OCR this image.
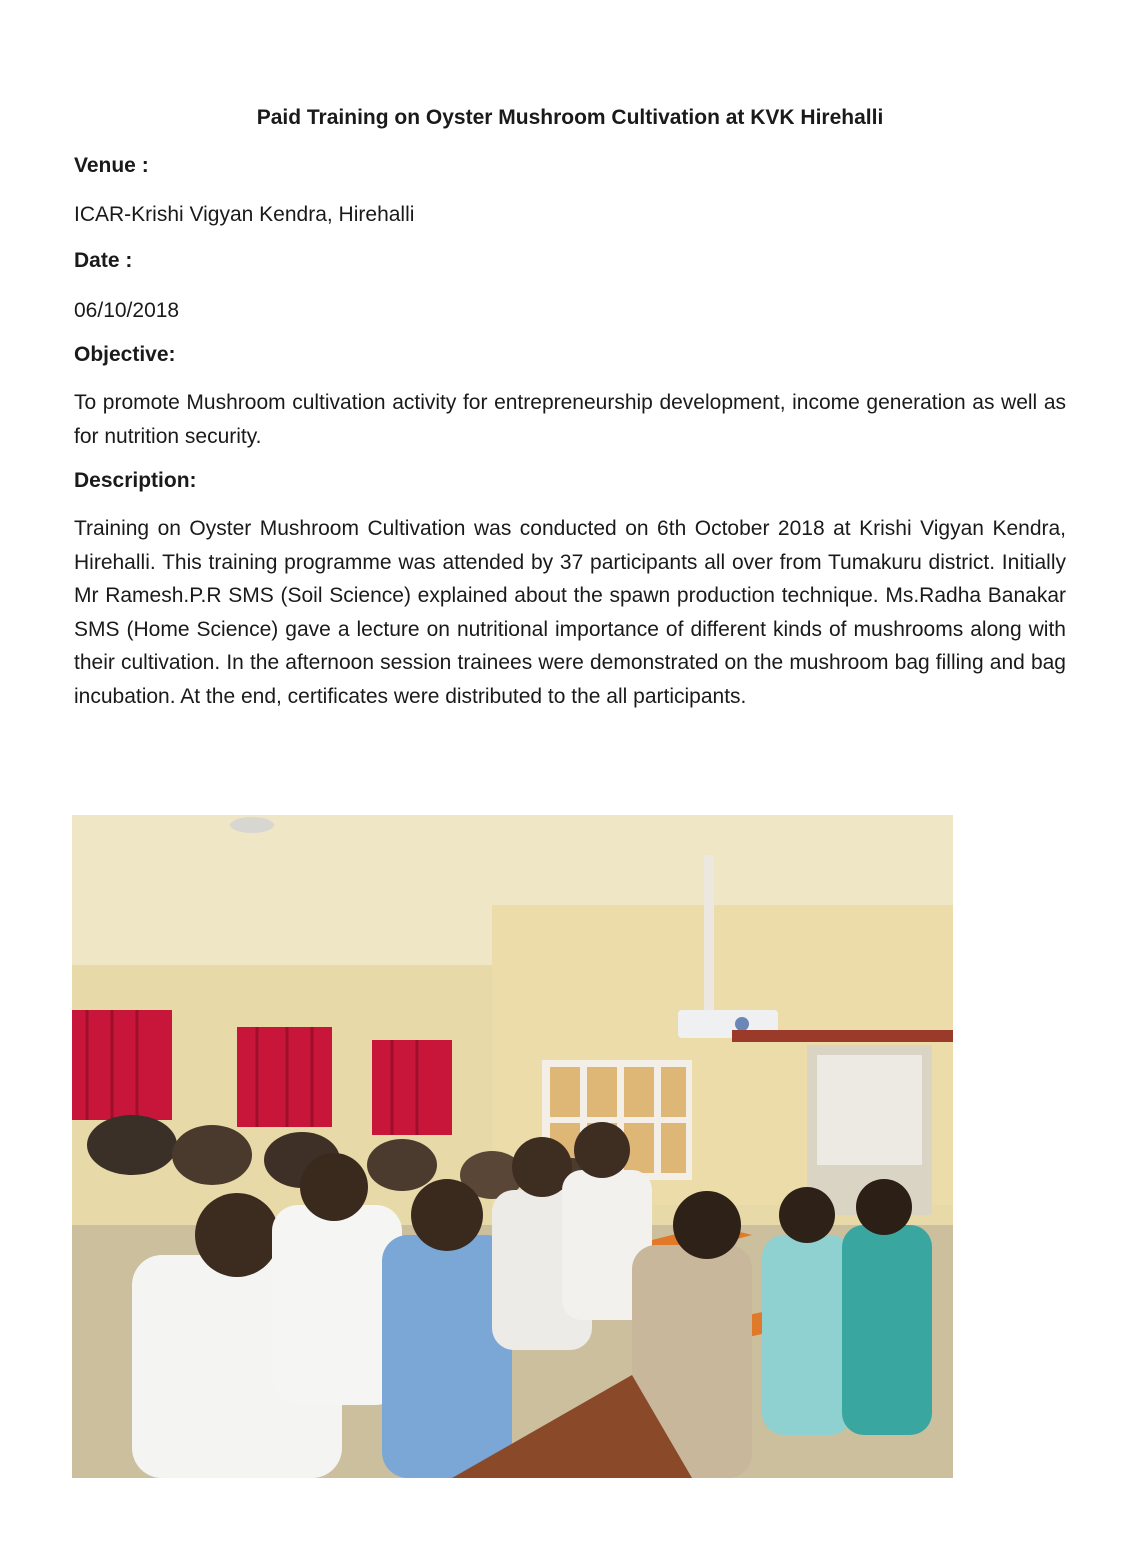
Paid Training on Oyster Mushroom Cultivation at KVK Hirehalli
Venue :
ICAR-Krishi Vigyan Kendra, Hirehalli
Date :
06/10/2018
Objective:
To promote Mushroom cultivation activity for entrepreneurship development, income generation as well as for nutrition security.
Description:
Training on Oyster Mushroom Cultivation was conducted on 6th October 2018 at Krishi Vigyan Kendra, Hirehalli. This training programme was attended by 37 participants all over from Tumakuru district. Initially Mr Ramesh.P.R SMS (Soil Science) explained about the spawn production technique. Ms.Radha Banakar SMS (Home Science) gave a lecture on nutritional importance of different kinds of mushrooms along with their cultivation. In the afternoon session trainees were demonstrated on the mushroom bag filling and bag incubation. At the end, certificates were distributed to the all participants.
